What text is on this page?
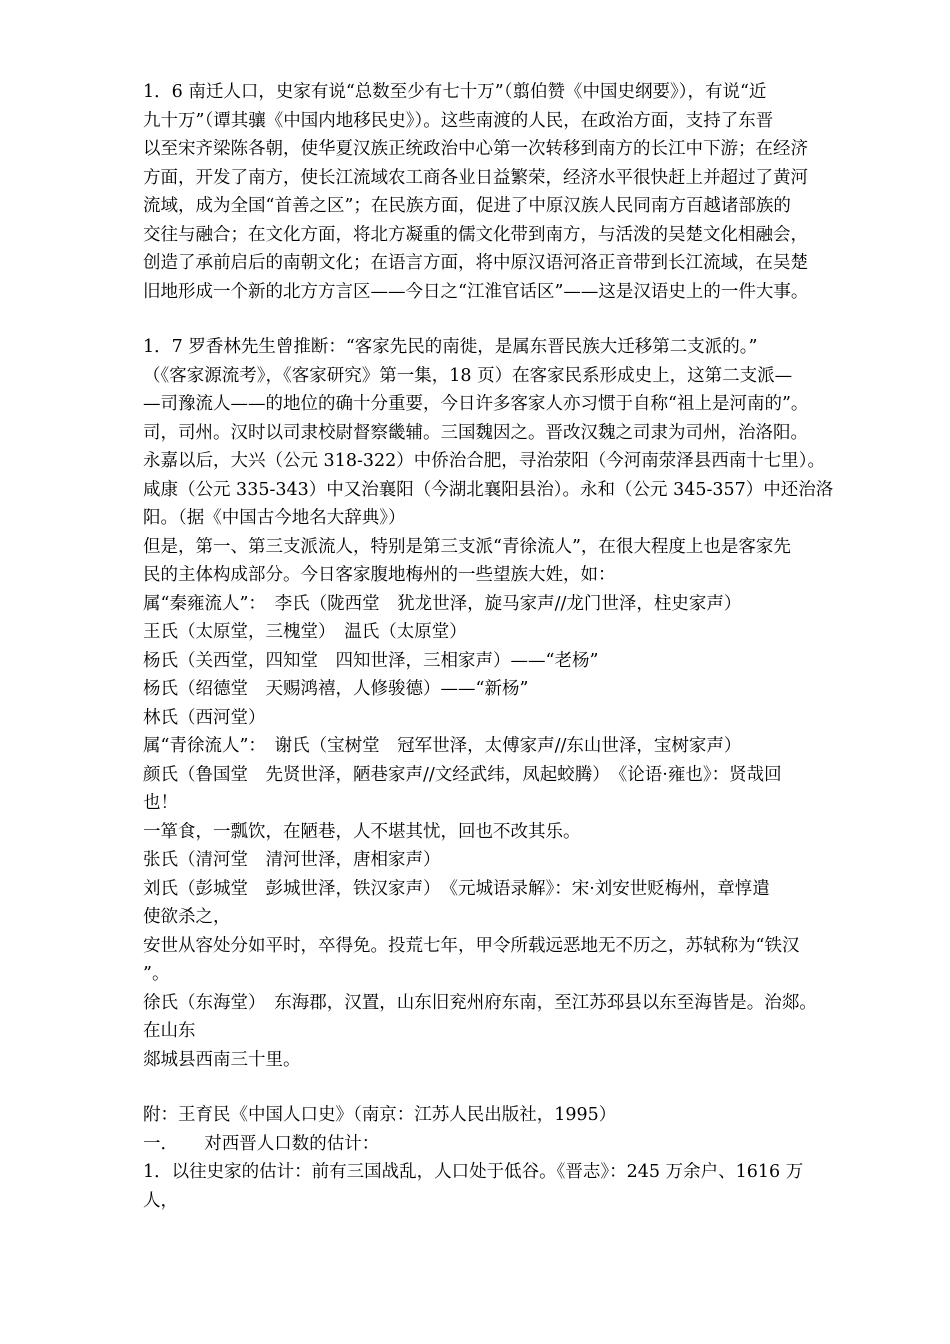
1．6 南迁人口，史家有说“总数至少有七十万”（翦伯赞《中国史纲要》），有说“近
九十万”（谭其骧《中国内地移民史》）。这些南渡的人民，在政治方面，支持了东晋
以至宋齐梁陈各朝，使华夏汉族正统政治中心第一次转移到南方的长江中下游；在经济
方面，开发了南方，使长江流域农工商各业日益繁荣，经济水平很快赶上并超过了黄河
流域，成为全国“首善之区”；在民族方面，促进了中原汉族人民同南方百越诸部族的
交往与融合；在文化方面，将北方凝重的儒文化带到南方，与活泼的吴楚文化相融会，
创造了承前启后的南朝文化；在语言方面，将中原汉语河洛正音带到长江流域，在吴楚
旧地形成一个新的北方方言区——今日之“江淮官话区”——这是汉语史上的一件大事。
1．7 罗香林先生曾推断：“客家先民的南徙，是属东晋民族大迁移第二支派的。”
（《客家源流考》，《客家研究》第一集，18 页）在客家民系形成史上，这第二支派—
—司豫流人——的地位的确十分重要，今日许多客家人亦习惯于自称“祖上是河南的”。
司，司州。汉时以司隶校尉督察畿辅。三国魏因之。晋改汉魏之司隶为司州，治洛阳。
永嘉以后，大兴（公元 318-322）中侨治合肥，寻治荥阳（今河南荥泽县西南十七里）。
咸康（公元 335-343）中又治襄阳（今湖北襄阳县治）。永和（公元 345-357）中还治洛
阳。（据《中国古今地名大辞典》）
但是，第一、第三支派流人，特别是第三支派“青徐流人”，在很大程度上也是客家先
民的主体构成部分。今日客家腹地梅州的一些望族大姓，如：
属“秦雍流人”：　李氏（陇西堂　犹龙世泽，旋马家声//龙门世泽，柱史家声）
王氏（太原堂，三槐堂）　温氏（太原堂）
杨氏（关西堂，四知堂　四知世泽，三相家声）——“老杨”
杨氏（绍德堂　天赐鸿禧，人修骏德）——“新杨”
林氏（西河堂）
属“青徐流人”：　谢氏（宝树堂　冠军世泽，太傅家声//东山世泽，宝树家声）
颜氏（鲁国堂　先贤世泽，陋巷家声//文经武纬，凤起蛟腾）　《论语·雍也》：贤哉回
也！
一箪食，一瓢饮，在陋巷，人不堪其忧，回也不改其乐。
张氏（清河堂　清河世泽，唐相家声）
刘氏（彭城堂　彭城世泽，铁汉家声）　《元城语录解》：宋·刘安世贬梅州，章惇遣
使欲杀之，
安世从容处分如平时，卒得免。投荒七年，甲令所载远恶地无不历之，苏轼称为“铁汉
”。
徐氏（东海堂）　东海郡，汉置，山东旧兖州府东南，至江苏邳县以东至海皆是。治郯。
在山东
郯城县西南三十里。
附：王育民《中国人口史》（南京：江苏人民出版社，1995）
一．　　对西晋人口数的估计：
1．以往史家的估计：前有三国战乱，人口处于低谷。《晋志》：245 万余户、1616 万
人，
